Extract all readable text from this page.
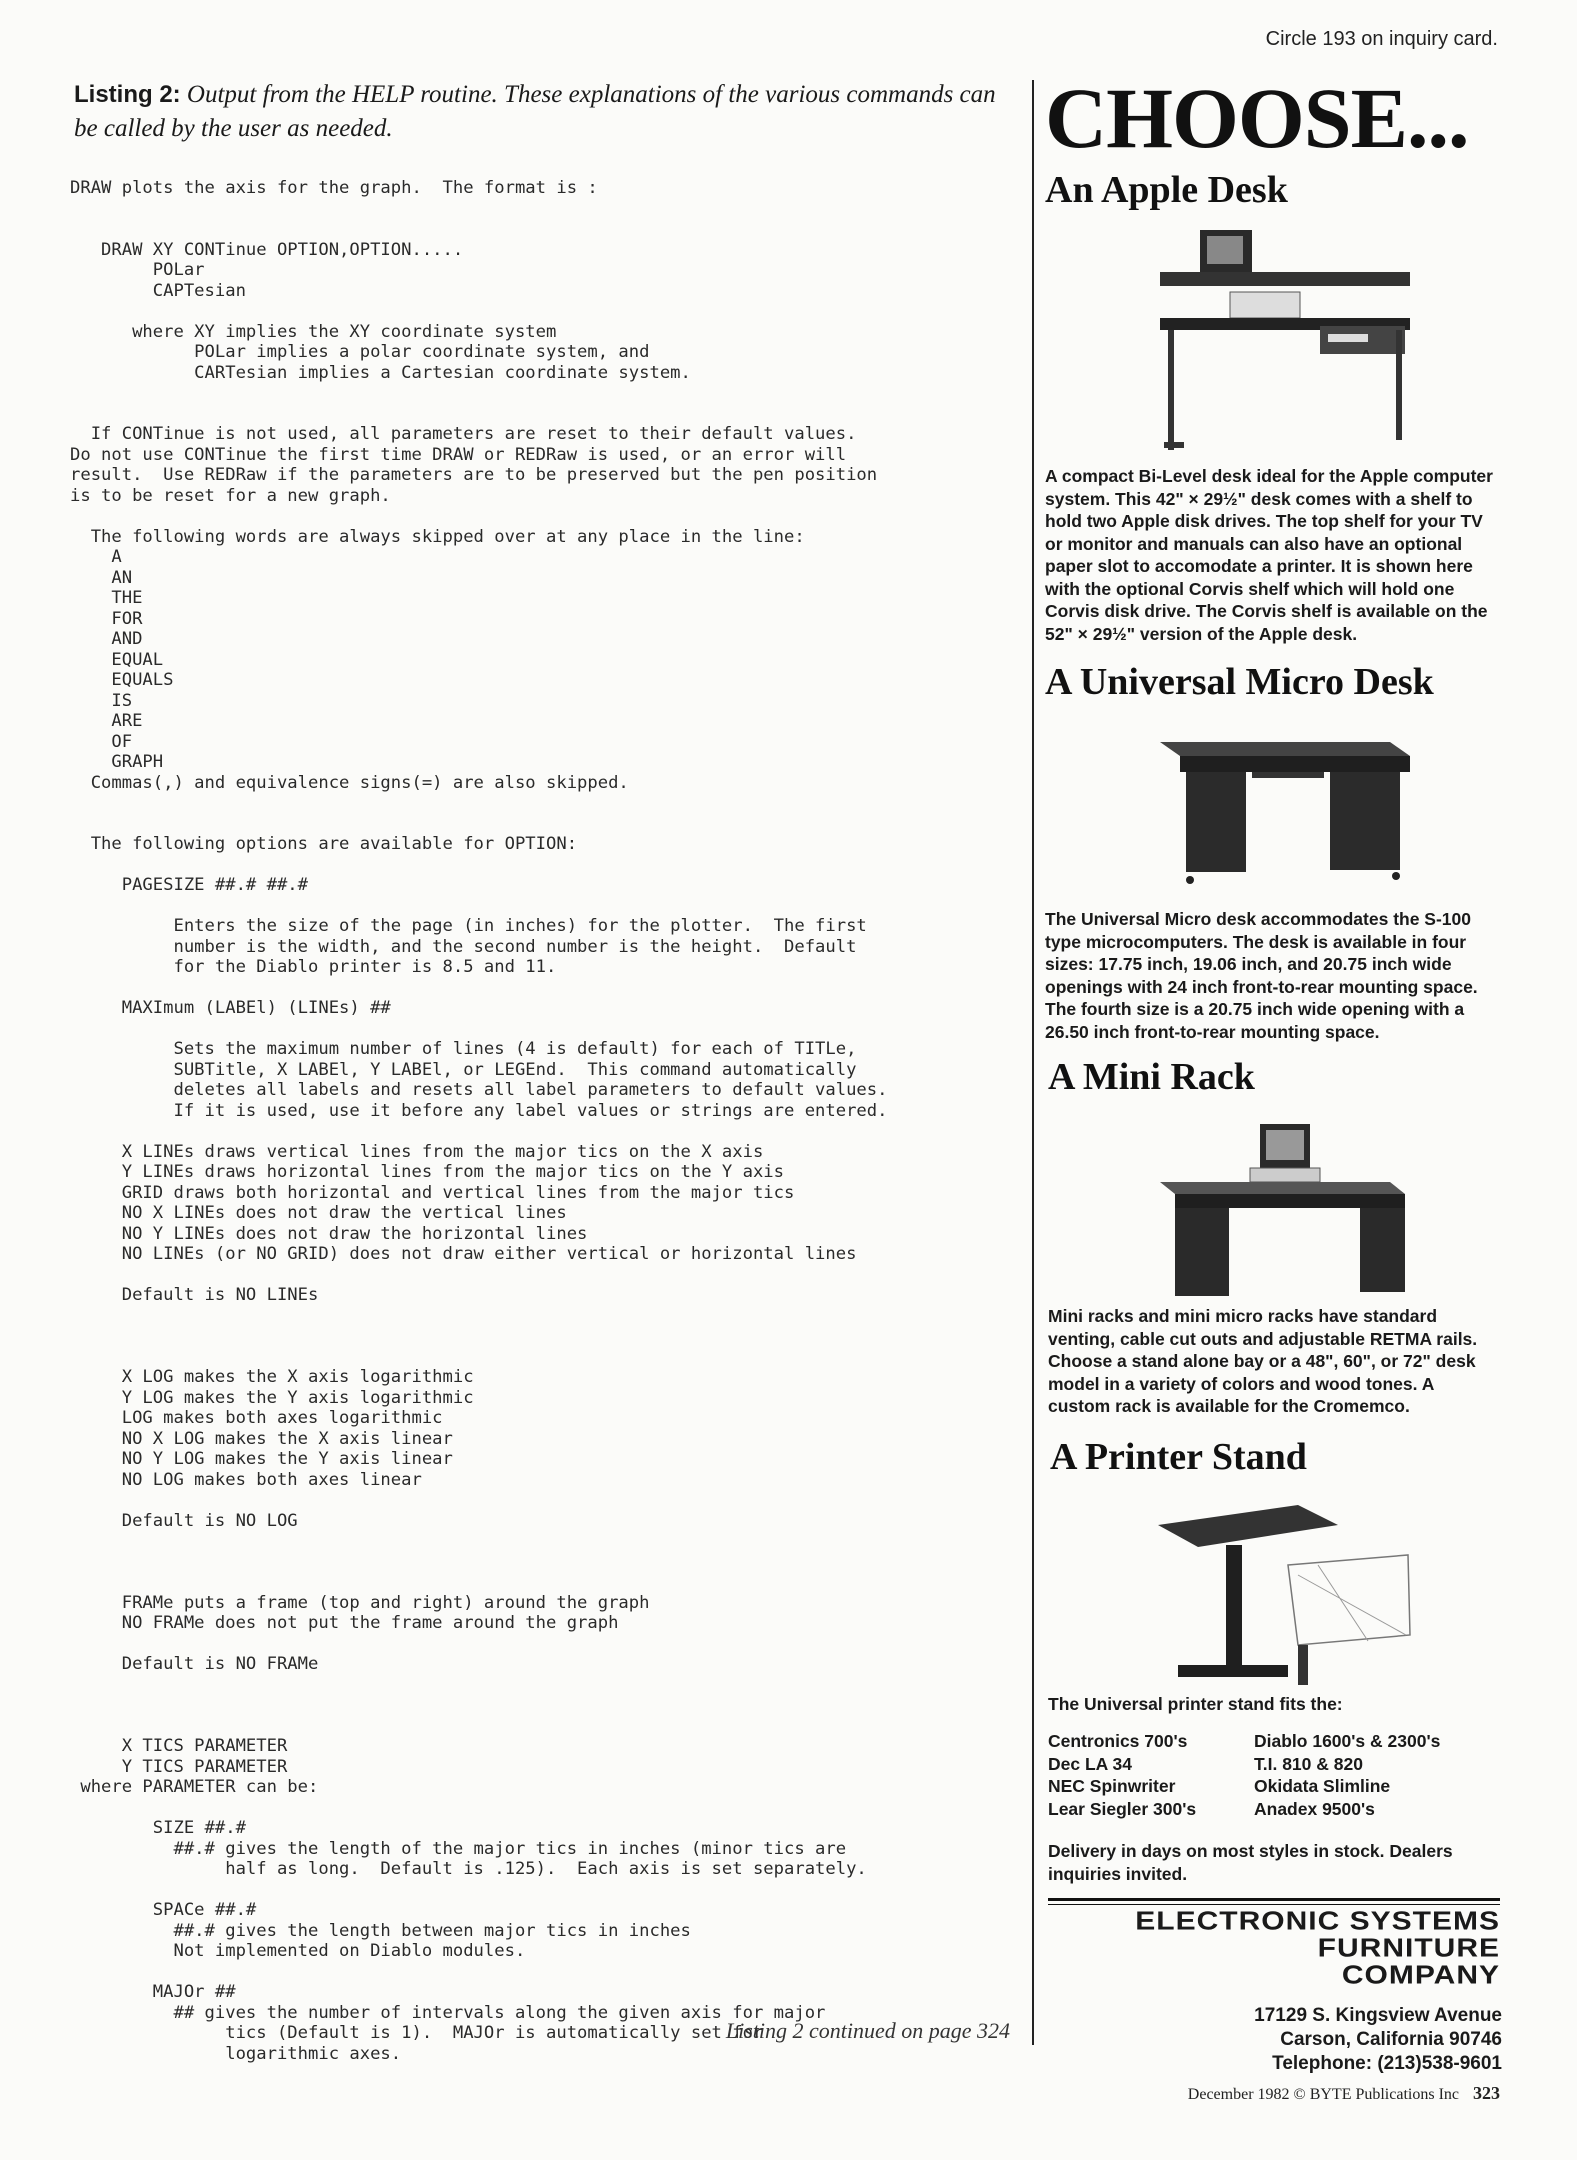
Listing 2: Output from the HELP routine. These explanations of the various commands can be called by the user as needed.
DRAW plots the axis for the graph.  The format is :

DRAW XY CONTinue OPTION,OPTION.....
POLar
CAPTesian

where XY implies the XY coordinate system
POLar implies a polar coordinate system, and
CARTesian implies a Cartesian coordinate system.

If CONTinue is not used, all parameters are reset to their default values.
Do not use CONTinue the first time DRAW or REDRaw is used, or an error will
result.  Use REDRaw if the parameters are to be preserved but the pen position
is to be reset for a new graph.

The following words are always skipped over at any place in the line:
A
AN
THE
FOR
AND
EQUAL
EQUALS
IS
ARE
OF
GRAPH
Commas(,) and equivalence signs(=) are also skipped.

The following options are available for OPTION:

PAGESIZE ##.# ##.#

Enters the size of the page (in inches) for the plotter.  The first
number is the width, and the second number is the height.  Default
for the Diablo printer is 8.5 and 11.

MAXImum (LABEl) (LINEs) ##

Sets the maximum number of lines (4 is default) for each of TITLe,
SUBTitle, X LABEl, Y LABEl, or LEGEnd.  This command automatically
deletes all labels and resets all label parameters to default values.
If it is used, use it before any label values or strings are entered.

X LINEs draws vertical lines from the major tics on the X axis
Y LINEs draws horizontal lines from the major tics on the Y axis
GRID draws both horizontal and vertical lines from the major tics
NO X LINEs does not draw the vertical lines
NO Y LINEs does not draw the horizontal lines
NO LINEs (or NO GRID) does not draw either vertical or horizontal lines

Default is NO LINEs

X LOG makes the X axis logarithmic
Y LOG makes the Y axis logarithmic
LOG makes both axes logarithmic
NO X LOG makes the X axis linear
NO Y LOG makes the Y axis linear
NO LOG makes both axes linear

Default is NO LOG

FRAMe puts a frame (top and right) around the graph
NO FRAMe does not put the frame around the graph

Default is NO FRAMe

X TICS PARAMETER
Y TICS PARAMETER
where PARAMETER can be:

SIZE ##.#
##.# gives the length of the major tics in inches (minor tics are
half as long.  Default is .125).  Each axis is set separately.

SPACe ##.#
##.# gives the length between major tics in inches
Not implemented on Diablo modules.

MAJOr ##
## gives the number of intervals along the given axis for major
tics (Default is 1).  MAJOr is automatically set for
logarithmic axes.
Listing 2 continued on page 324
Circle 193 on inquiry card.
CHOOSE...
An Apple Desk
A compact Bi-Level desk ideal for the Apple computer system. This 42" × 29½" desk comes with a shelf to hold two Apple disk drives. The top shelf for your TV or monitor and manuals can also have an optional paper slot to accomodate a printer. It is shown here with the optional Corvis shelf which will hold one Corvis disk drive. The Corvis shelf is available on the 52" × 29½" version of the Apple desk.
A Universal Micro Desk
The Universal Micro desk accommodates the S-100 type microcomputers. The desk is available in four sizes: 17.75 inch, 19.06 inch, and 20.75 inch wide openings with 24 inch front-to-rear mounting space. The fourth size is a 20.75 inch wide opening with a 26.50 inch front-to-rear mounting space.
A Mini Rack
Mini racks and mini micro racks have standard venting, cable cut outs and adjustable RETMA rails. Choose a stand alone bay or a 48", 60", or 72" desk model in a variety of colors and wood tones. A custom rack is available for the Cromemco.
A Printer Stand
The Universal printer stand fits the:
Centronics 700's	Diablo 1600's & 2300's
Dec LA 34	T.I. 810 & 820
NEC Spinwriter	Okidata Slimline
Lear Siegler 300's	Anadex 9500's
Delivery in days on most styles in stock. Dealers inquiries invited.
ELECTRONIC SYSTEMS
FURNITURE
COMPANY
17129 S. Kingsview Avenue
Carson, California 90746
Telephone: (213)538-9601
December 1982 © BYTE Publications Inc 323
